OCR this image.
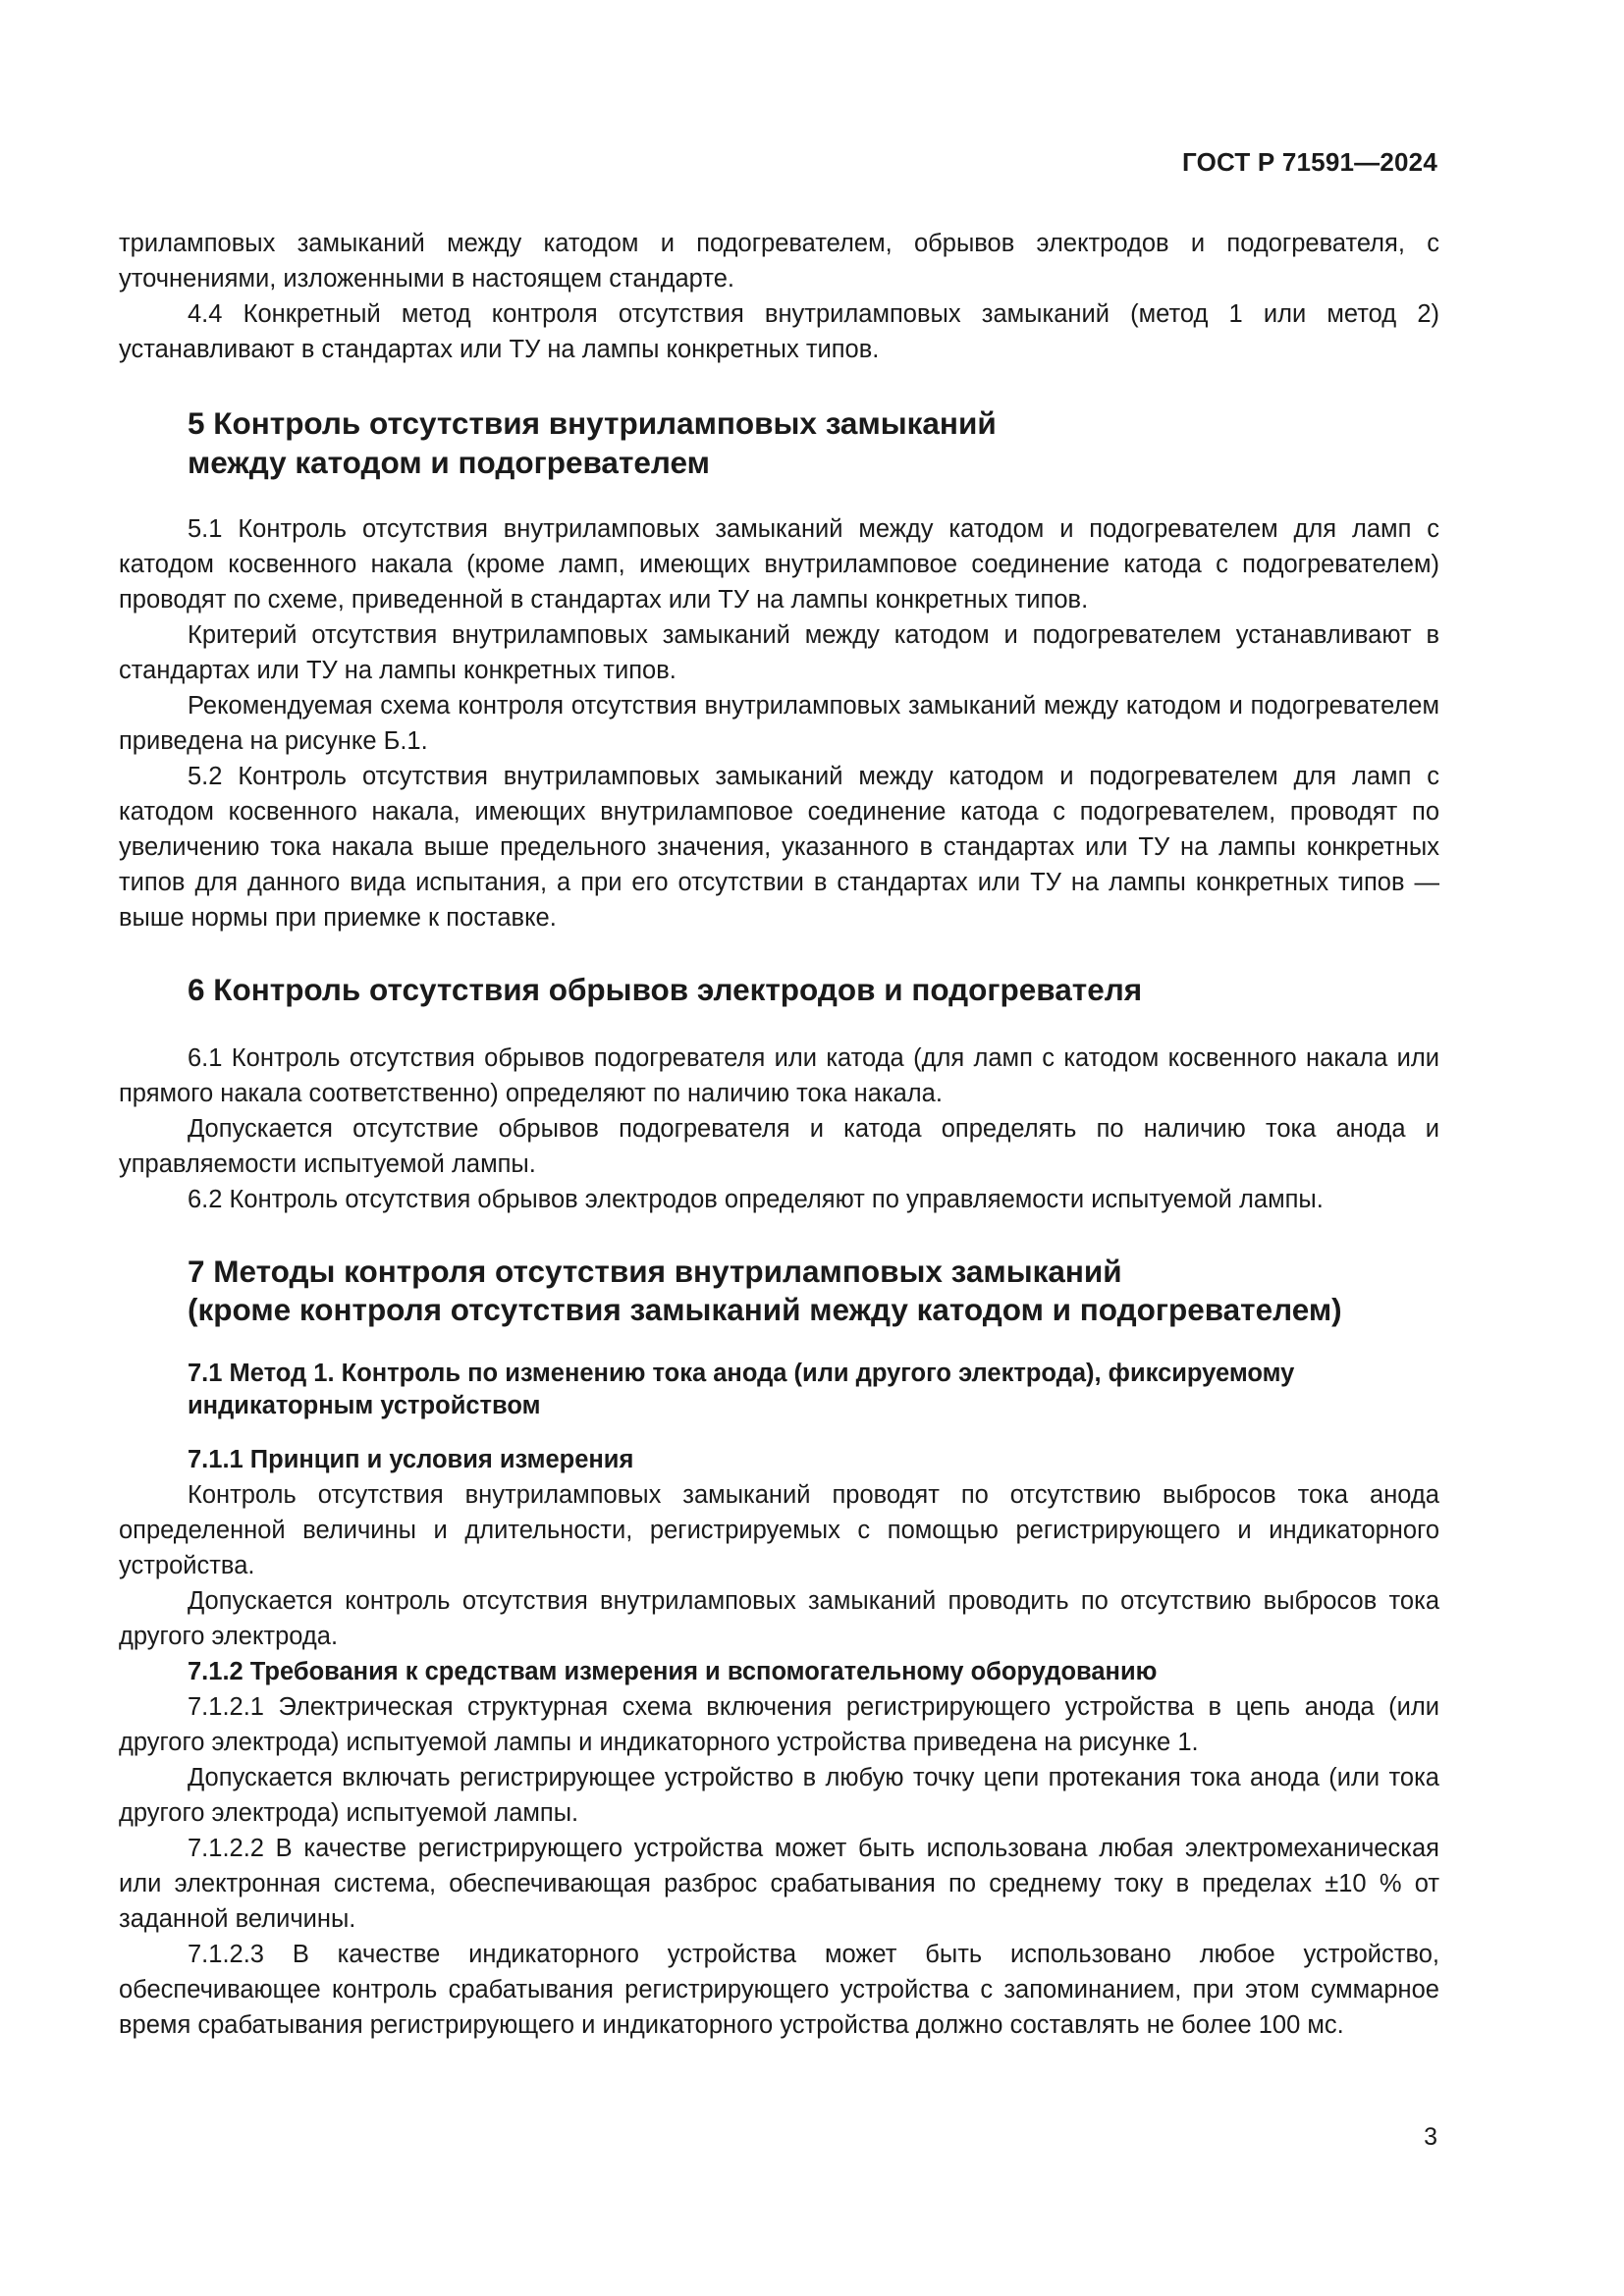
ГОСТ Р 71591—2024

триламповых замыканий между катодом и подогревателем, обрывов электродов и подогревателя, с уточнениями, изложенными в настоящем стандарте.

4.4 Конкретный метод контроля отсутствия внутриламповых замыканий (метод 1 или метод 2) устанавливают в стандартах или ТУ на лампы конкретных типов.

5 Контроль отсутствия внутриламповых замыканий
между катодом и подогревателем

5.1 Контроль отсутствия внутриламповых замыканий между катодом и подогревателем для ламп с катодом косвенного накала (кроме ламп, имеющих внутриламповое соединение катода с подогревателем) проводят по схеме, приведенной в стандартах или ТУ на лампы конкретных типов.

Критерий отсутствия внутриламповых замыканий между катодом и подогревателем устанавливают в стандартах или ТУ на лампы конкретных типов.

Рекомендуемая схема контроля отсутствия внутриламповых замыканий между катодом и подогревателем приведена на рисунке Б.1.

5.2 Контроль отсутствия внутриламповых замыканий между катодом и подогревателем для ламп с катодом косвенного накала, имеющих внутриламповое соединение катода с подогревателем, проводят по увеличению тока накала выше предельного значения, указанного в стандартах или ТУ на лампы конкретных типов для данного вида испытания, а при его отсутствии в стандартах или ТУ на лампы конкретных типов — выше нормы при приемке к поставке.

6 Контроль отсутствия обрывов электродов и подогревателя

6.1 Контроль отсутствия обрывов подогревателя или катода (для ламп с катодом косвенного накала или прямого накала соответственно) определяют по наличию тока накала.

Допускается отсутствие обрывов подогревателя и катода определять по наличию тока анода и управляемости испытуемой лампы.

6.2 Контроль отсутствия обрывов электродов определяют по управляемости испытуемой лампы.

7 Методы контроля отсутствия внутриламповых замыканий
(кроме контроля отсутствия замыканий между катодом и подогревателем)
7.1 Метод 1. Контроль по изменению тока анода (или другого электрода), фиксируемому индикаторным устройством

7.1.1 Принцип и условия измерения

Контроль отсутствия внутриламповых замыканий проводят по отсутствию выбросов тока анода определенной величины и длительности, регистрируемых с помощью регистрирующего и индикаторного устройства.

Допускается контроль отсутствия внутриламповых замыканий проводить по отсутствию выбросов тока другого электрода.

7.1.2 Требования к средствам измерения и вспомогательному оборудованию

7.1.2.1 Электрическая структурная схема включения регистрирующего устройства в цепь анода (или другого электрода) испытуемой лампы и индикаторного устройства приведена на рисунке 1.

Допускается включать регистрирующее устройство в любую точку цепи протекания тока анода (или тока другого электрода) испытуемой лампы.

7.1.2.2 В качестве регистрирующего устройства может быть использована любая электромеханическая или электронная система, обеспечивающая разброс срабатывания по среднему току в пределах ±10 % от заданной величины.

7.1.2.3 В качестве индикаторного устройства может быть использовано любое устройство, обеспечивающее контроль срабатывания регистрирующего устройства с запоминанием, при этом суммарное время срабатывания регистрирующего и индикаторного устройства должно составлять не более 100 мс.

3
